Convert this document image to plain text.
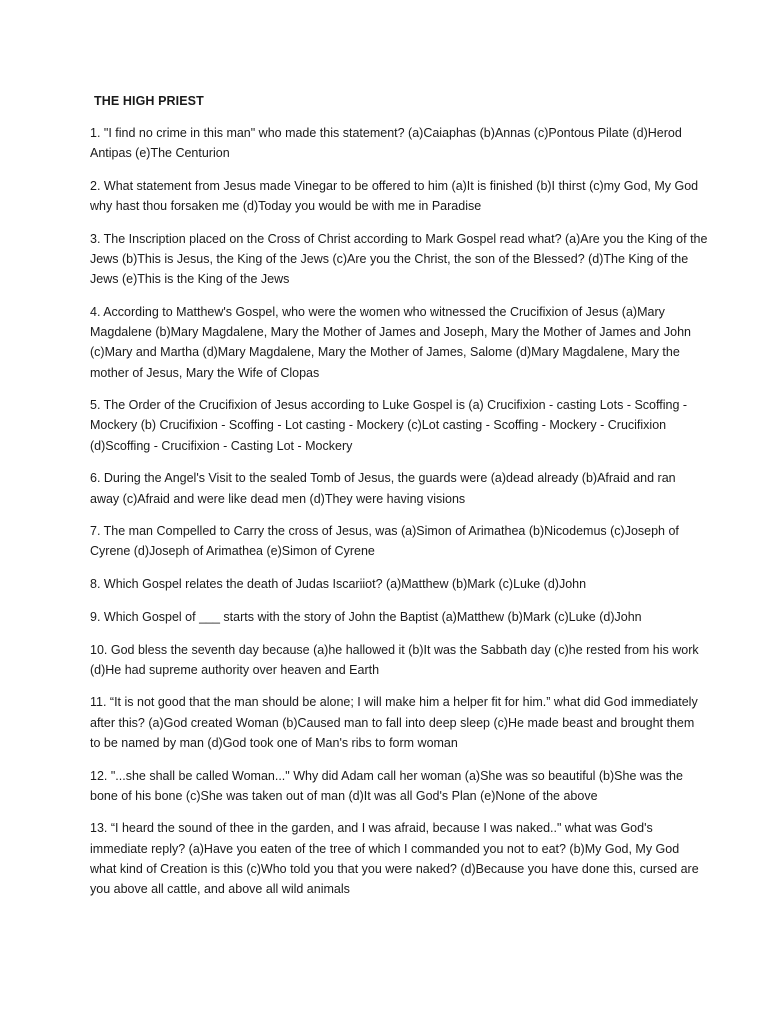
THE HIGH PRIEST
1. "I find no crime in this man" who made this statement? (a)Caiaphas (b)Annas (c)Pontous Pilate (d)Herod Antipas (e)The Centurion
2. What statement from Jesus made Vinegar to be offered to him (a)It is finished (b)I thirst (c)my God, My God why hast thou forsaken me (d)Today you would be with me in Paradise
3. The Inscription placed on the Cross of Christ according to Mark Gospel read what? (a)Are you the King of the Jews (b)This is Jesus, the King of the Jews (c)Are you the Christ, the son of the Blessed? (d)The King of the Jews (e)This is the King of the Jews
4. According to Matthew's Gospel, who were the women who witnessed the Crucifixion of Jesus (a)Mary Magdalene (b)Mary Magdalene, Mary the Mother of James and Joseph, Mary the Mother of James and John (c)Mary and Martha (d)Mary Magdalene, Mary the Mother of James, Salome (d)Mary Magdalene, Mary the mother of Jesus, Mary the Wife of Clopas
5. The Order of the Crucifixion of Jesus according to Luke Gospel is (a) Crucifixion - casting Lots - Scoffing - Mockery (b) Crucifixion - Scoffing - Lot casting - Mockery (c)Lot casting - Scoffing - Mockery - Crucifixion (d)Scoffing - Crucifixion - Casting Lot - Mockery
6. During the Angel's Visit to the sealed Tomb of Jesus, the guards were (a)dead already (b)Afraid and ran away (c)Afraid and were like dead men (d)They were having visions
7. The man Compelled to Carry the cross of Jesus, was (a)Simon of Arimathea (b)Nicodemus (c)Joseph of Cyrene (d)Joseph of Arimathea (e)Simon of Cyrene
8. Which Gospel relates the death of Judas Iscariiot? (a)Matthew (b)Mark (c)Luke (d)John
9. Which Gospel of ___ starts with the story of John the Baptist (a)Matthew (b)Mark (c)Luke (d)John
10. God bless the seventh day because (a)he hallowed it (b)It was the Sabbath day (c)he rested from his work (d)He had supreme authority over heaven and Earth
11. “It is not good that the man should be alone; I will make him a helper fit for him.” what did God immediately after this? (a)God created Woman (b)Caused man to fall into deep sleep (c)He made beast and brought them to be named by man (d)God took one of Man's ribs to form woman
12. "...she shall be called Woman..." Why did Adam call her woman (a)She was so beautiful (b)She was the bone of his bone (c)She was taken out of man (d)It was all God's Plan (e)None of the above
13. “I heard the sound of thee in the garden, and I was afraid, because I was naked.." what was God's immediate reply? (a)Have you eaten of the tree of which I commanded you not to eat? (b)My God, My God what kind of Creation is this (c)Who told you that you were naked? (d)Because you have done this, cursed are you above all cattle, and above all wild animals
